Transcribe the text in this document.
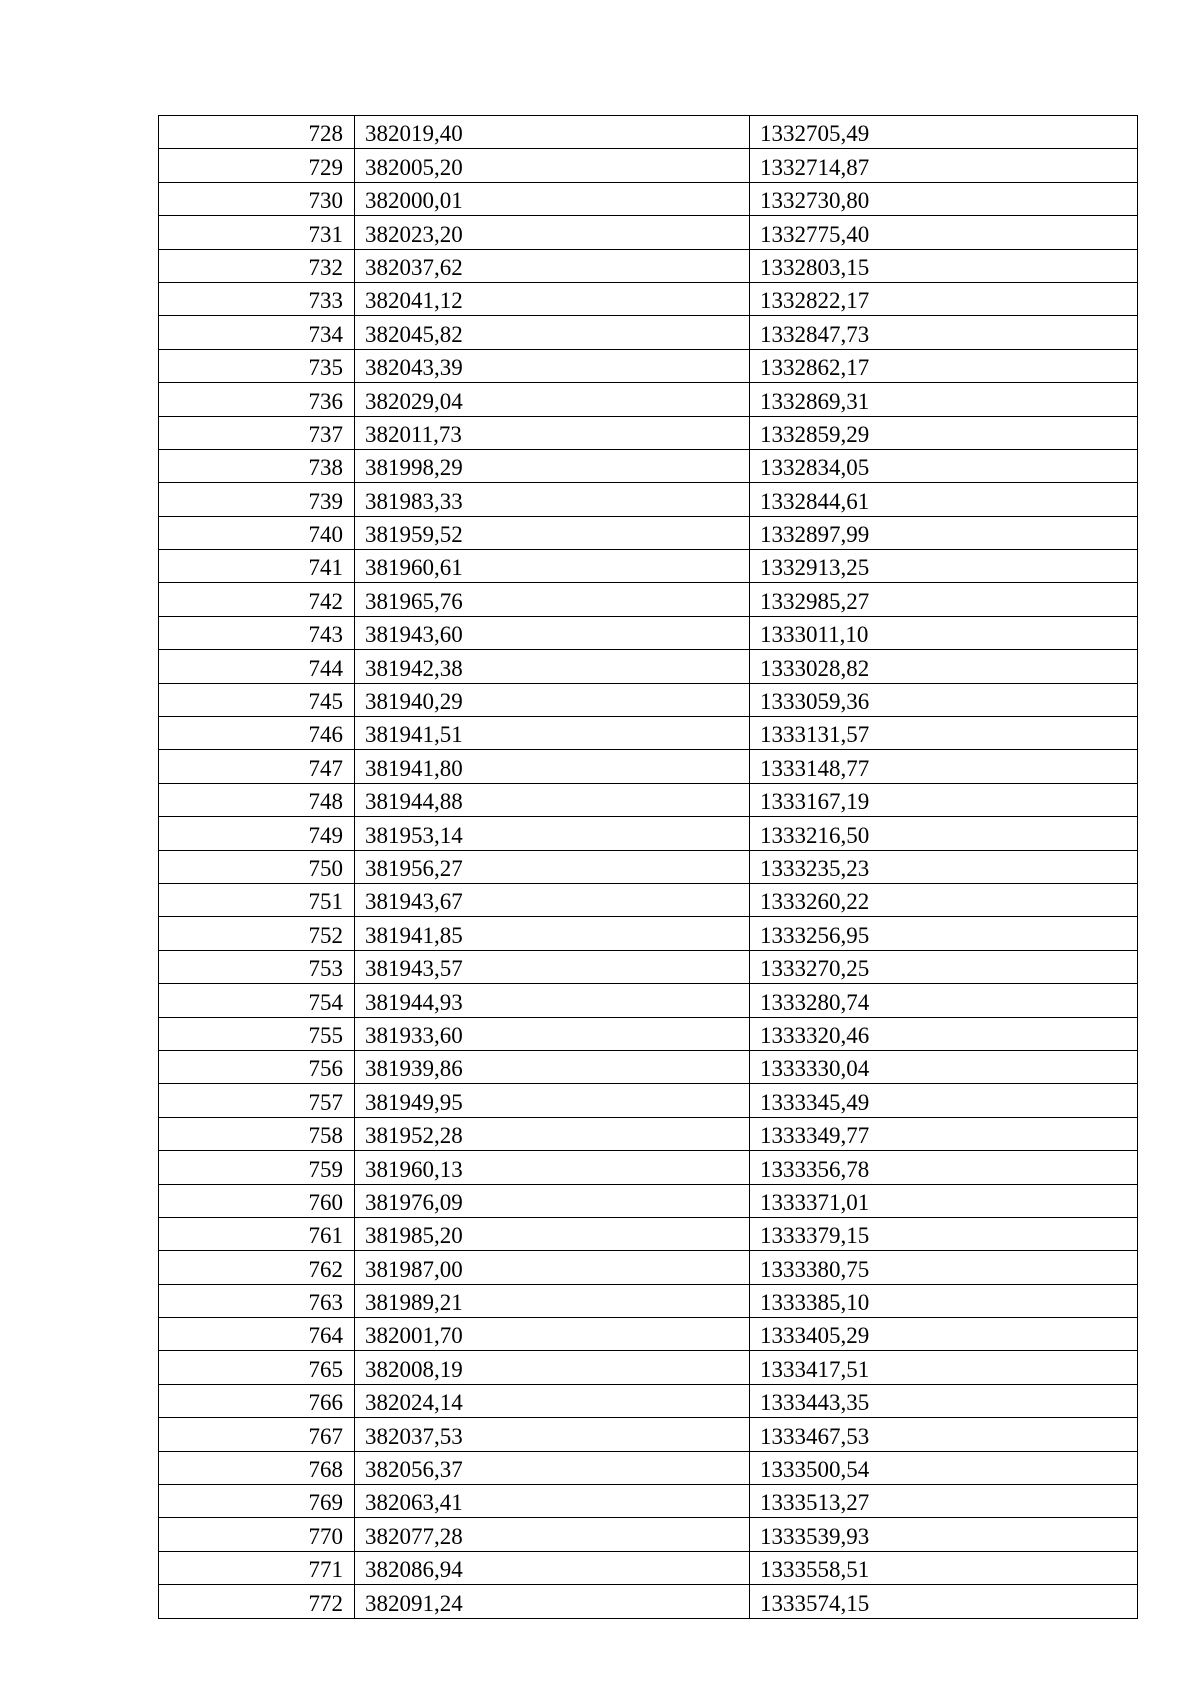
728	382019,40	1332705,49
729	382005,20	1332714,87
730	382000,01	1332730,80
731	382023,20	1332775,40
732	382037,62	1332803,15
733	382041,12	1332822,17
734	382045,82	1332847,73
735	382043,39	1332862,17
736	382029,04	1332869,31
737	382011,73	1332859,29
738	381998,29	1332834,05
739	381983,33	1332844,61
740	381959,52	1332897,99
741	381960,61	1332913,25
742	381965,76	1332985,27
743	381943,60	1333011,10
744	381942,38	1333028,82
745	381940,29	1333059,36
746	381941,51	1333131,57
747	381941,80	1333148,77
748	381944,88	1333167,19
749	381953,14	1333216,50
750	381956,27	1333235,23
751	381943,67	1333260,22
752	381941,85	1333256,95
753	381943,57	1333270,25
754	381944,93	1333280,74
755	381933,60	1333320,46
756	381939,86	1333330,04
757	381949,95	1333345,49
758	381952,28	1333349,77
759	381960,13	1333356,78
760	381976,09	1333371,01
761	381985,20	1333379,15
762	381987,00	1333380,75
763	381989,21	1333385,10
764	382001,70	1333405,29
765	382008,19	1333417,51
766	382024,14	1333443,35
767	382037,53	1333467,53
768	382056,37	1333500,54
769	382063,41	1333513,27
770	382077,28	1333539,93
771	382086,94	1333558,51
772	382091,24	1333574,15
